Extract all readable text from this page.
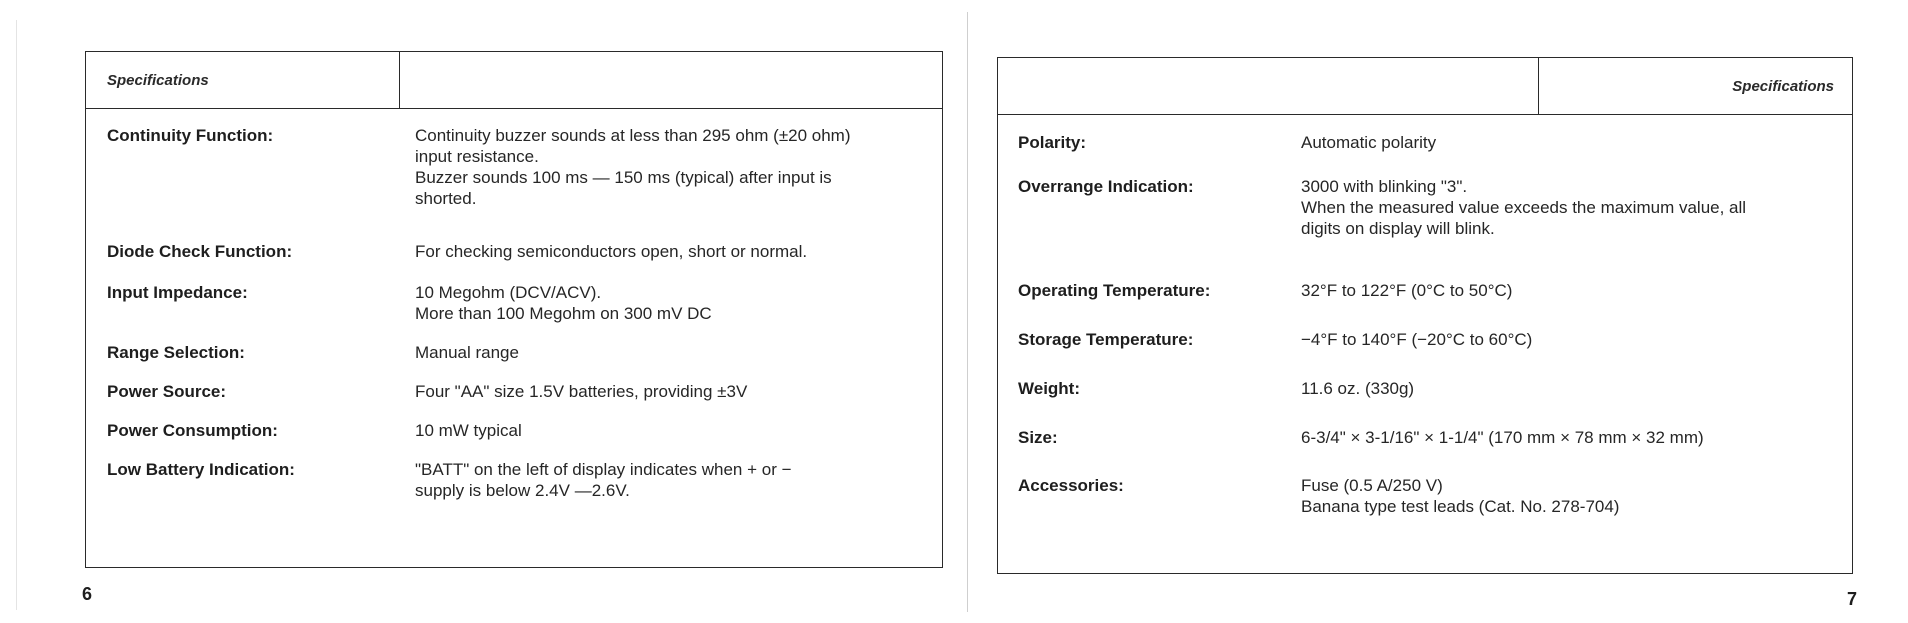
Specifications
Continuity Function:	Continuity buzzer sounds at less than 295 ohm (±20 ohm)
input resistance.
Buzzer sounds 100 ms — 150 ms (typical) after input is
shorted.
Diode Check Function:	For checking semiconductors open, short or normal.
Input Impedance:	10 Megohm (DCV/ACV).
More than 100 Megohm on 300 mV DC
Range Selection:	Manual range
Power Source:	Four "AA" size 1.5V batteries, providing ±3V
Power Consumption:	10 mW typical
Low Battery Indication:	"BATT" on the left of display indicates when + or −
supply is below 2.4V —2.6V.
6
Specifications
Polarity:	Automatic polarity
Overrange Indication:	3000 with blinking "3".
When the measured value exceeds the maximum value, all
digits on display will blink.
Operating Temperature:	32°F to 122°F (0°C to 50°C)
Storage Temperature:	−4°F to 140°F (−20°C to 60°C)
Weight:	11.6 oz. (330g)
Size:	6-3/4" × 3-1/16" × 1-1/4" (170 mm × 78 mm × 32 mm)
Accessories:	Fuse (0.5 A/250 V)
Banana type test leads (Cat. No. 278-704)
7
